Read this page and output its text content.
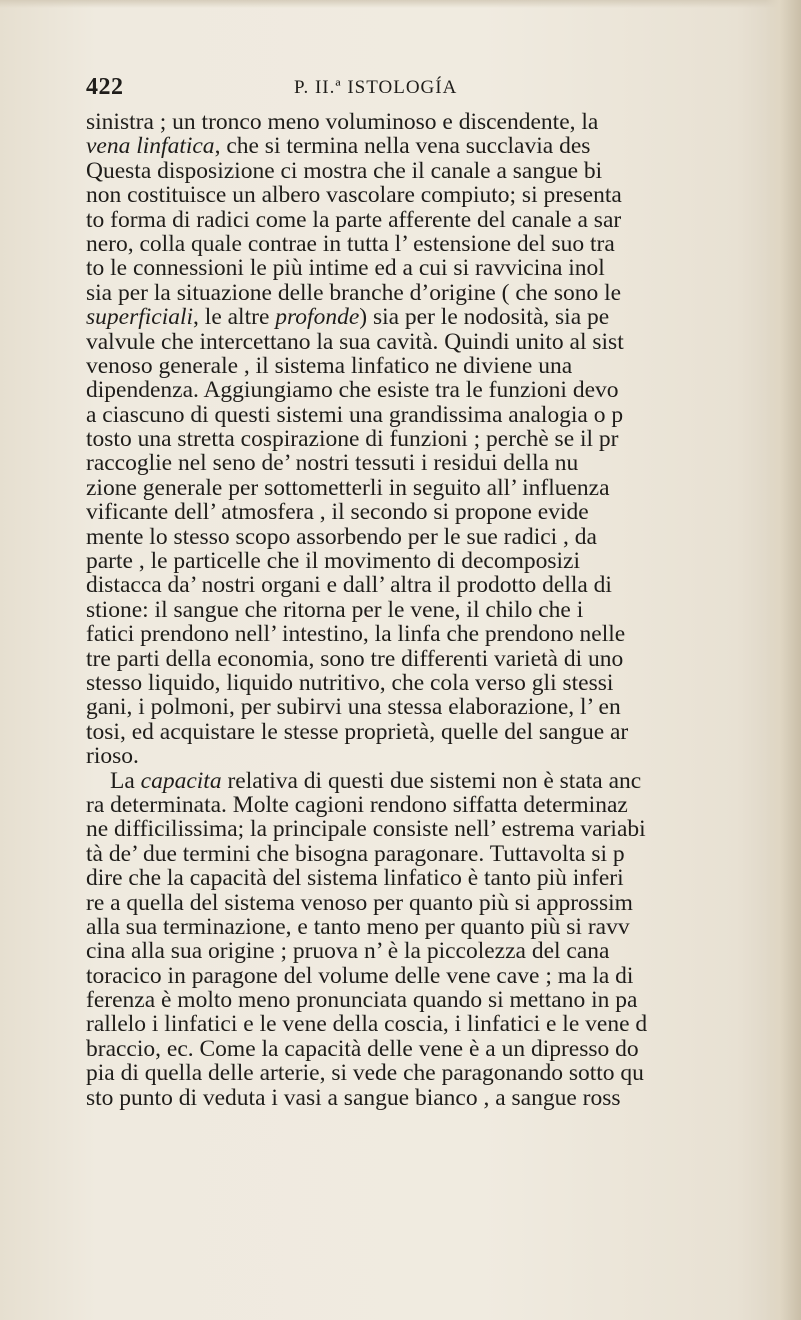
422	P. II.ª ISTOLOGÍA
sinistra ; un tronco meno voluminoso e discendente, la
vena linfatica, che si termina nella vena succlavia des
Questa disposizione ci mostra che il canale a sangue bi
non costituisce un albero vascolare compiuto; si presenta
to forma di radici come la parte afferente del canale a sar
nero, colla quale contrae in tutta l’ estensione del suo tra
to le connessioni le più intime ed a cui si ravvicina inol
sia per la situazione delle branche d’origine ( che sono le
superficiali, le altre profonde) sia per le nodosità, sia pe
valvule che intercettano la sua cavità. Quindi unito al sist
venoso generale , il sistema linfatico ne diviene una
dipendenza. Aggiungiamo che esiste tra le funzioni devo
a ciascuno di questi sistemi una grandissima analogia o p
tosto una stretta cospirazione di funzioni ; perchè se il pr
raccoglie nel seno de’ nostri tessuti i residui della nu
zione generale per sottometterli in seguito all’ influenza
vificante dell’ atmosfera , il secondo si propone evide
mente lo stesso scopo assorbendo per le sue radici , da
parte , le particelle che il movimento di decomposizi
distacca da’ nostri organi e dall’ altra il prodotto della di
stione: il sangue che ritorna per le vene, il chilo che i
fatici prendono nell’ intestino, la linfa che prendono nelle
tre parti della economia, sono tre differenti varietà di uno
stesso liquido, liquido nutritivo, che cola verso gli stessi
gani, i polmoni, per subirvi una stessa elaborazione, l’ en
tosi, ed acquistare le stesse proprietà, quelle del sangue ar
rioso.
La capacita relativa di questi due sistemi non è stata anc
ra determinata. Molte cagioni rendono siffatta determinaz
ne difficilissima; la principale consiste nell’ estrema variabi
tà de’ due termini che bisogna paragonare. Tuttavolta si p
dire che la capacità del sistema linfatico è tanto più inferi
re a quella del sistema venoso per quanto più si approssim
alla sua terminazione, e tanto meno per quanto più si ravv
cina alla sua origine ; pruova n’ è la piccolezza del cana
toracico in paragone del volume delle vene cave ; ma la di
ferenza è molto meno pronunciata quando si mettano in pa
rallelo i linfatici e le vene della coscia, i linfatici e le vene d
braccio, ec. Come la capacità delle vene è a un dipresso do
pia di quella delle arterie, si vede che paragonando sotto qu
sto punto di veduta i vasi a sangue bianco , a sangue ross
